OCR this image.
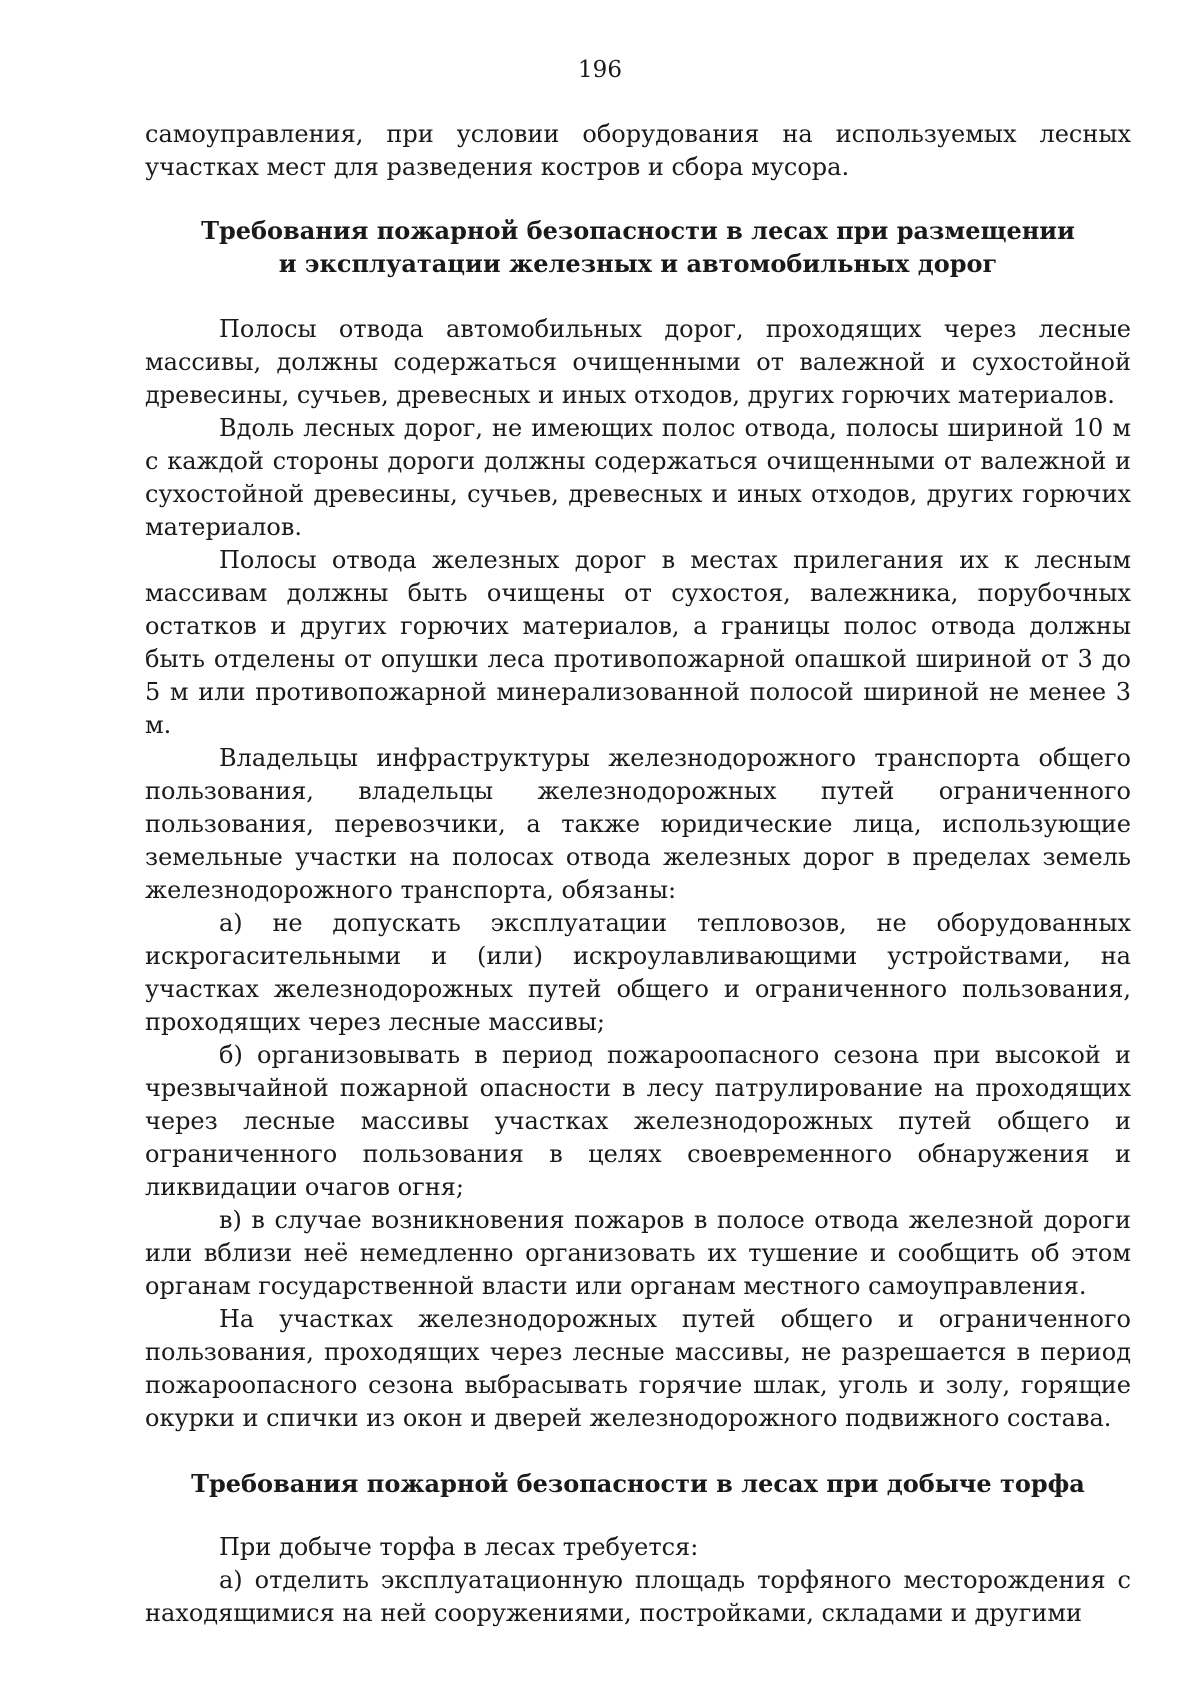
196

самоуправления, при условии оборудования на используемых лесных участках мест для разведения костров и сбора мусора.

Требования пожарной безопасности в лесах при размещении
и эксплуатации железных и автомобильных дорог

Полосы отвода автомобильных дорог, проходящих через лесные массивы, должны содержаться очищенными от валежной и сухостойной древесины, сучьев, древесных и иных отходов, других горючих материалов.

Вдоль лесных дорог, не имеющих полос отвода, полосы шириной 10 м с каждой стороны дороги должны содержаться очищенными от валежной и сухостойной древесины, сучьев, древесных и иных отходов, других горючих материалов.

Полосы отвода железных дорог в местах прилегания их к лесным массивам должны быть очищены от сухостоя, валежника, порубочных остатков и других горючих материалов, а границы полос отвода должны быть отделены от опушки леса противопожарной опашкой шириной от 3 до 5 м или противопожарной минерализованной полосой шириной не менее 3 м.

Владельцы инфраструктуры железнодорожного транспорта общего пользования, владельцы железнодорожных путей ограниченного пользования, перевозчики, а также юридические лица, использующие земельные участки на полосах отвода железных дорог в пределах земель железнодорожного транспорта, обязаны:

а) не допускать эксплуатации тепловозов, не оборудованных искрогасительными и (или) искроулавливающими устройствами, на участках железнодорожных путей общего и ограниченного пользования, проходящих через лесные массивы;

б) организовывать в период пожароопасного сезона при высокой и чрезвычайной пожарной опасности в лесу патрулирование на проходящих через лесные массивы участках железнодорожных путей общего и ограниченного пользования в целях своевременного обнаружения и ликвидации очагов огня;

в) в случае возникновения пожаров в полосе отвода железной дороги или вблизи неё немедленно организовать их тушение и сообщить об этом органам государственной власти или органам местного самоуправления.

На участках железнодорожных путей общего и ограниченного пользования, проходящих через лесные массивы, не разрешается в период пожароопасного сезона выбрасывать горячие шлак, уголь и золу, горящие окурки и спички из окон и дверей железнодорожного подвижного состава.

Требования пожарной безопасности в лесах при добыче торфа

При добыче торфа в лесах требуется:

а) отделить эксплуатационную площадь торфяного месторождения с находящимися на ней сооружениями, постройками, складами и другими
